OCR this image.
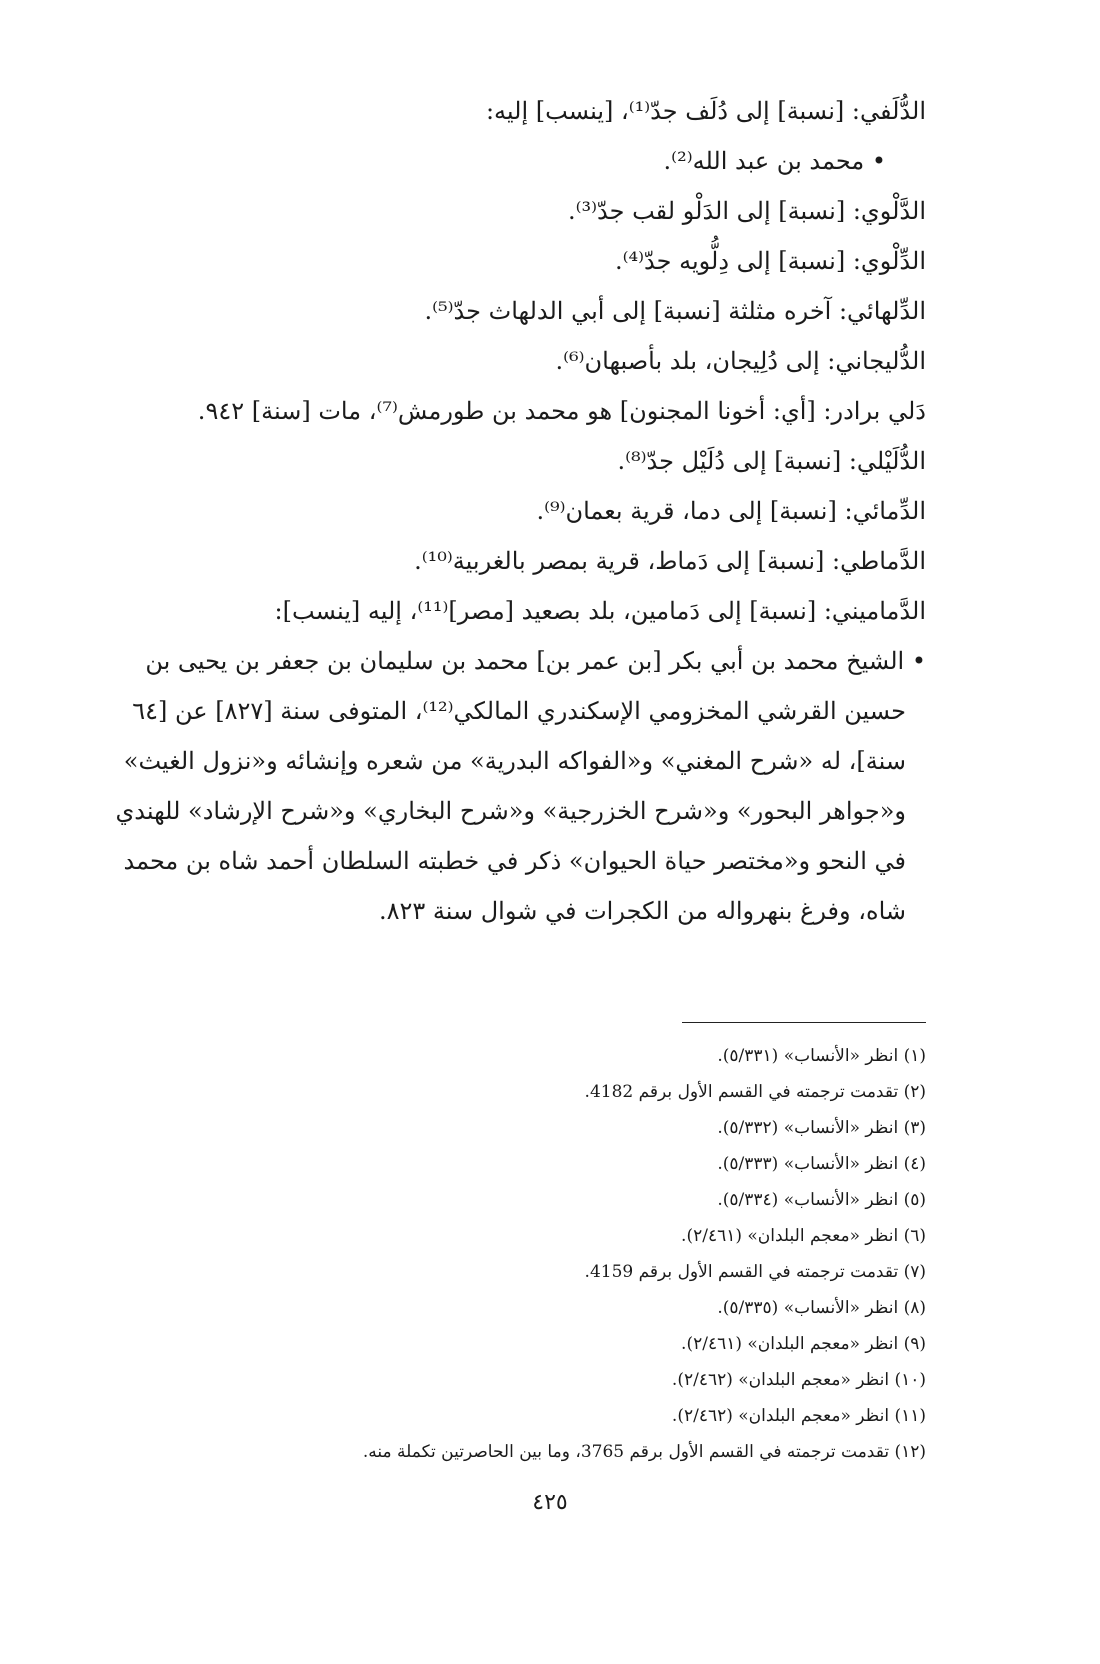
الدُّلَفي: [نسبة] إلى دُلَف جدّ⁽¹⁾، [ينسب] إليه:
• محمد بن عبد الله⁽²⁾.
الدَّلْوي: [نسبة] إلى الدَلْو لقب جدّ⁽³⁾.
الدِّلْوي: [نسبة] إلى دِلُّويه جدّ⁽⁴⁾.
الدِّلهائي: آخره مثلثة [نسبة] إلى أبي الدلهاث جدّ⁽⁵⁾.
الدُّليجاني: إلى دُلِيجان، بلد بأصبهان⁽⁶⁾.
دَلي برادر: [أي: أخونا المجنون] هو محمد بن طورمش⁽⁷⁾، مات [سنة] ٩٤٢.
الدُّلَيْلي: [نسبة] إلى دُلَيْل جدّ⁽⁸⁾.
الدِّمائي: [نسبة] إلى دما، قرية بعمان⁽⁹⁾.
الدَّماطي: [نسبة] إلى دَماط، قرية بمصر بالغربية⁽¹⁰⁾.
الدَّماميني: [نسبة] إلى دَمامين، بلد بصعيد [مصر]⁽¹¹⁾، إليه [ينسب]:
• الشيخ محمد بن أبي بكر [بن عمر بن] محمد بن سليمان بن جعفر بن يحيى بن
حسين القرشي المخزومي الإسكندري المالكي⁽¹²⁾، المتوفى سنة [٨٢٧] عن [٦٤
سنة]، له «شرح المغني» و«الفواكه البدرية» من شعره وإنشائه و«نزول الغيث»
و«جواهر البحور» و«شرح الخزرجية» و«شرح البخاري» و«شرح الإرشاد» للهندي
في النحو و«مختصر حياة الحيوان» ذكر في خطبته السلطان أحمد شاه بن محمد
شاه، وفرغ بنهرواله من الكجرات في شوال سنة ٨٢٣.
(١) انظر «الأنساب» (٥/٣٣١).
(٢) تقدمت ترجمته في القسم الأول برقم 4182.
(٣) انظر «الأنساب» (٥/٣٣٢).
(٤) انظر «الأنساب» (٥/٣٣٣).
(٥) انظر «الأنساب» (٥/٣٣٤).
(٦) انظر «معجم البلدان» (٢/٤٦١).
(٧) تقدمت ترجمته في القسم الأول برقم 4159.
(٨) انظر «الأنساب» (٥/٣٣٥).
(٩) انظر «معجم البلدان» (٢/٤٦١).
(١٠) انظر «معجم البلدان» (٢/٤٦٢).
(١١) انظر «معجم البلدان» (٢/٤٦٢).
(١٢) تقدمت ترجمته في القسم الأول برقم 3765، وما بين الحاصرتين تكملة منه.
٤٢٥
